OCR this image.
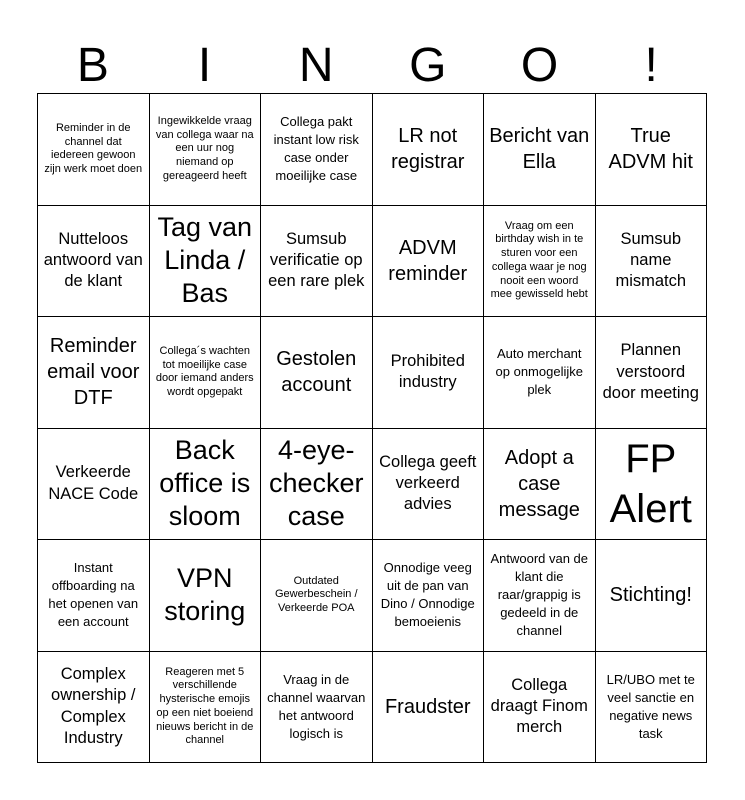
B	I	N	G	O	!
Reminder in de channel dat iedereen gewoon zijn werk moet doen
Ingewikkelde vraag van collega waar na een uur nog niemand op gereageerd heeft
Collega pakt instant low risk case onder moeilijke case
LR not registrar
Bericht van Ella
True ADVM hit
Nutteloos antwoord van de klant
Tag van Linda / Bas
Sumsub verificatie op een rare plek
ADVM reminder
Vraag om een birthday wish in te sturen voor een collega waar je nog nooit een woord mee gewisseld hebt
Sumsub name mismatch
Reminder email voor DTF
Collega´s wachten tot moeilijke case door iemand anders wordt opgepakt
Gestolen account
Prohibited industry
Auto merchant op onmogelijke plek
Plannen verstoord door meeting
Verkeerde NACE Code
Back office is sloom
4-eye-checker case
Collega geeft verkeerd advies
Adopt a case message
FP Alert
Instant offboarding na het openen van een account
VPN storing
Outdated Gewerbeschein / Verkeerde POA
Onnodige veeg uit de pan van Dino / Onnodige bemoeienis
Antwoord van de klant die raar/grappig is gedeeld in de channel
Stichting!
Complex ownership / Complex Industry
Reageren met 5 verschillende hysterische emojis op een niet boeiend nieuws bericht in de channel
Vraag in de channel waarvan het antwoord logisch is
Fraudster
Collega draagt Finom merch
LR/UBO met te veel sanctie en negative news task
